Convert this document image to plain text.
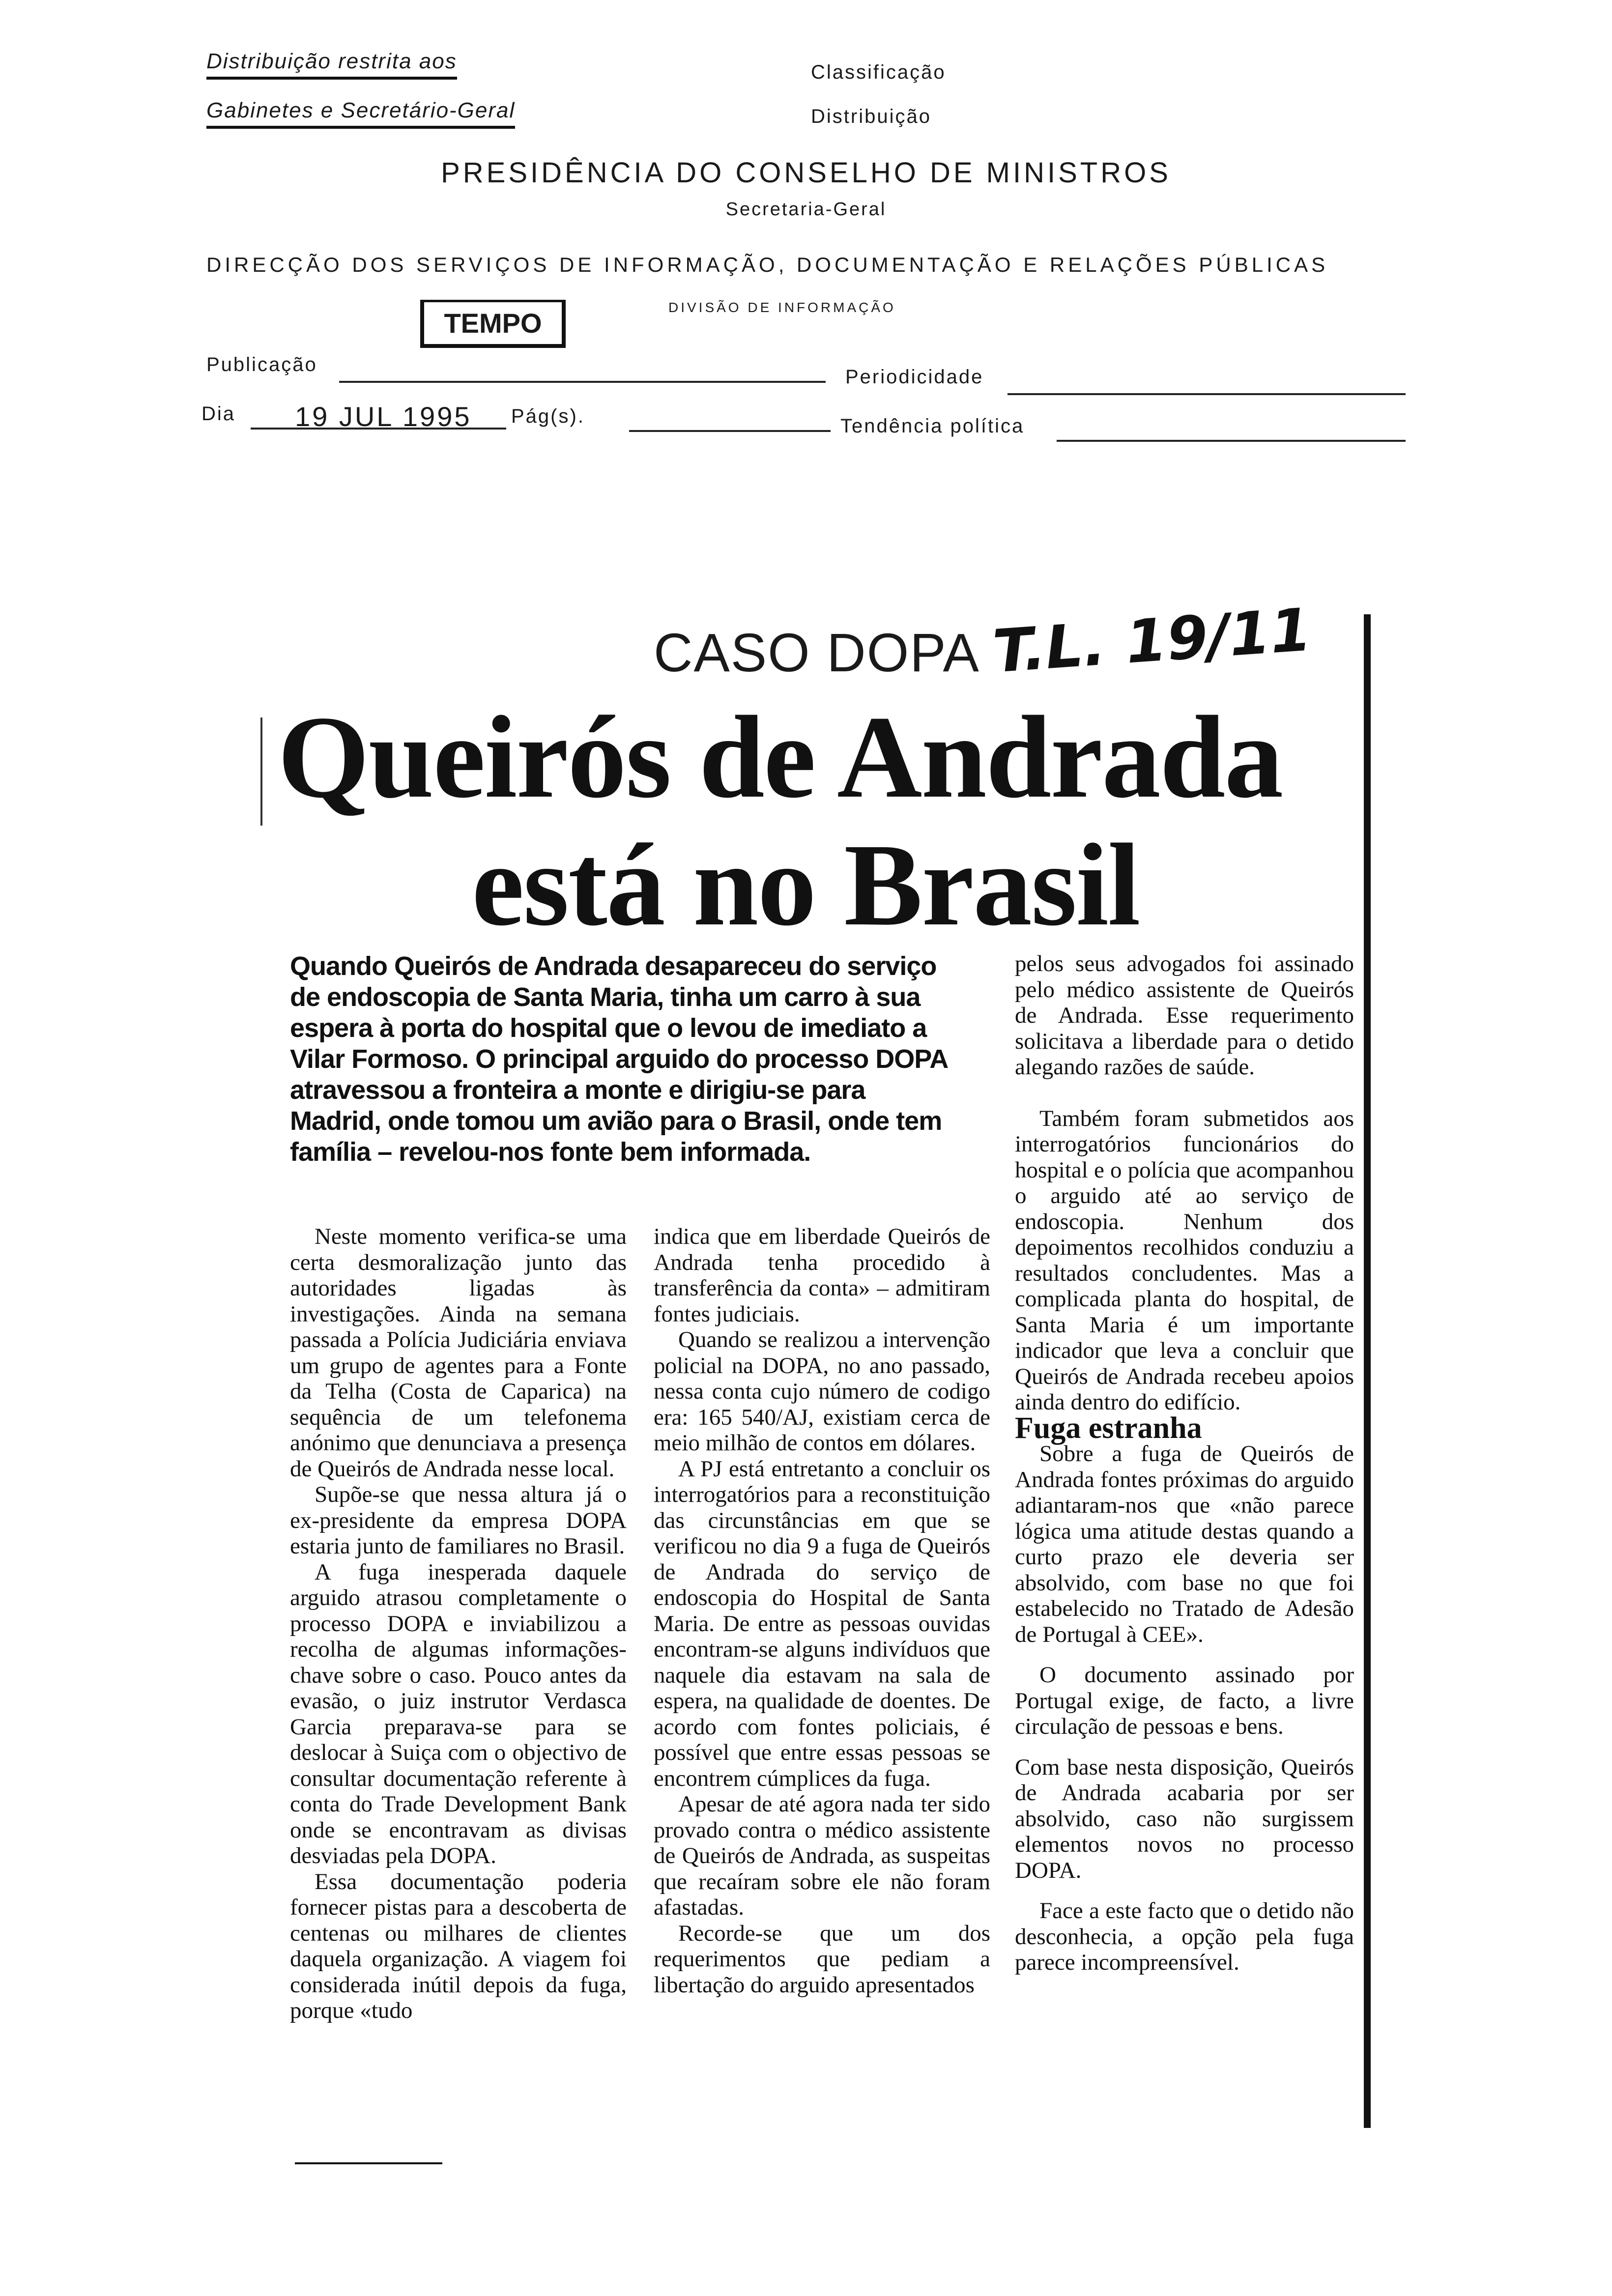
Distribuição restrita aos
Gabinetes e Secretário-Geral
Classificação
Distribuição
PRESIDÊNCIA DO CONSELHO DE MINISTROS
Secretaria-Geral
DIRECÇÃO DOS SERVIÇOS DE INFORMAÇÃO, DOCUMENTAÇÃO E RELAÇÕES PÚBLICAS
DIVISÃO DE INFORMAÇÃO
TEMPO
Publicação
Periodicidade
Dia 19 JUL 1995 Pág(s).	Tendência política
CASO DOPA T.L. 19/11
Queirós de Andrada
está no Brasil
Quando Queirós de Andrada desapareceu do serviço de endoscopia de Santa Maria, tinha um carro à sua espera à porta do hospital que o levou de imediato a Vilar Formoso. O principal arguido do processo DOPA atravessou a fronteira a monte e dirigiu-se para Madrid, onde tomou um avião para o Brasil, onde tem família – revelou-nos fonte bem informada.

Neste momento verifica-se uma certa desmoralização junto das autoridades ligadas às investigações. Ainda na semana passada a Polícia Judiciária enviava um grupo de agentes para a Fonte da Telha (Costa de Caparica) na sequência de um telefonema anónimo que denunciava a presença de Queirós de Andrada nesse local.

Supõe-se que nessa altura já o ex-presidente da empresa DOPA estaria junto de familiares no Brasil.

A fuga inesperada daquele arguido atrasou completamente o processo DOPA e inviabilizou a recolha de algumas informações-chave sobre o caso. Pouco antes da evasão, o juiz instrutor Verdasca Garcia preparava-se para se deslocar à Suiça com o objectivo de consultar documentação referente à conta do Trade Development Bank onde se encontravam as divisas desviadas pela DOPA.

Essa documentação poderia fornecer pistas para a descoberta de centenas ou milhares de clientes daquela organização. A viagem foi considerada inútil depois da fuga, porque «tudo

indica que em liberdade Queirós de Andrada tenha procedido à transferência da conta» – admitiram fontes judiciais.

Quando se realizou a intervenção policial na DOPA, no ano passado, nessa conta cujo número de codigo era: 165 540/AJ, existiam cerca de meio milhão de contos em dólares.

A PJ está entretanto a concluir os interrogatórios para a reconstituição das circunstâncias em que se verificou no dia 9 a fuga de Queirós de Andrada do serviço de endoscopia do Hospital de Santa Maria. De entre as pessoas ouvidas encontram-se alguns indivíduos que naquele dia estavam na sala de espera, na qualidade de doentes. De acordo com fontes policiais, é possível que entre essas pessoas se encontrem cúmplices da fuga.

Apesar de até agora nada ter sido provado contra o médico assistente de Queirós de Andrada, as suspeitas que recaíram sobre ele não foram afastadas.

Recorde-se que um dos requerimentos que pediam a libertação do arguido apresentados

pelos seus advogados foi assinado pelo médico assistente de Queirós de Andrada. Esse requerimento solicitava a liberdade para o detido alegando razões de saúde.

Também foram submetidos aos interrogatórios funcionários do hospital e o polícia que acompanhou o arguido até ao serviço de endoscopia. Nenhum dos depoimentos recolhidos conduziu a resultados concludentes. Mas a complicada planta do hospital, de Santa Maria é um importante indicador que leva a concluir que Queirós de Andrada recebeu apoios ainda dentro do edifício.

Fuga estranha

Sobre a fuga de Queirós de Andrada fontes próximas do arguido adiantaram-nos que «não parece lógica uma atitude destas quando a curto prazo ele deveria ser absolvido, com base no que foi estabelecido no Tratado de Adesão de Portugal à CEE».

O documento assinado por Portugal exige, de facto, a livre circulação de pessoas e bens.

Com base nesta disposição, Queirós de Andrada acabaria por ser absolvido, caso não surgissem elementos novos no processo DOPA.

Face a este facto que o detido não desconhecia, a opção pela fuga parece incompreensível.
